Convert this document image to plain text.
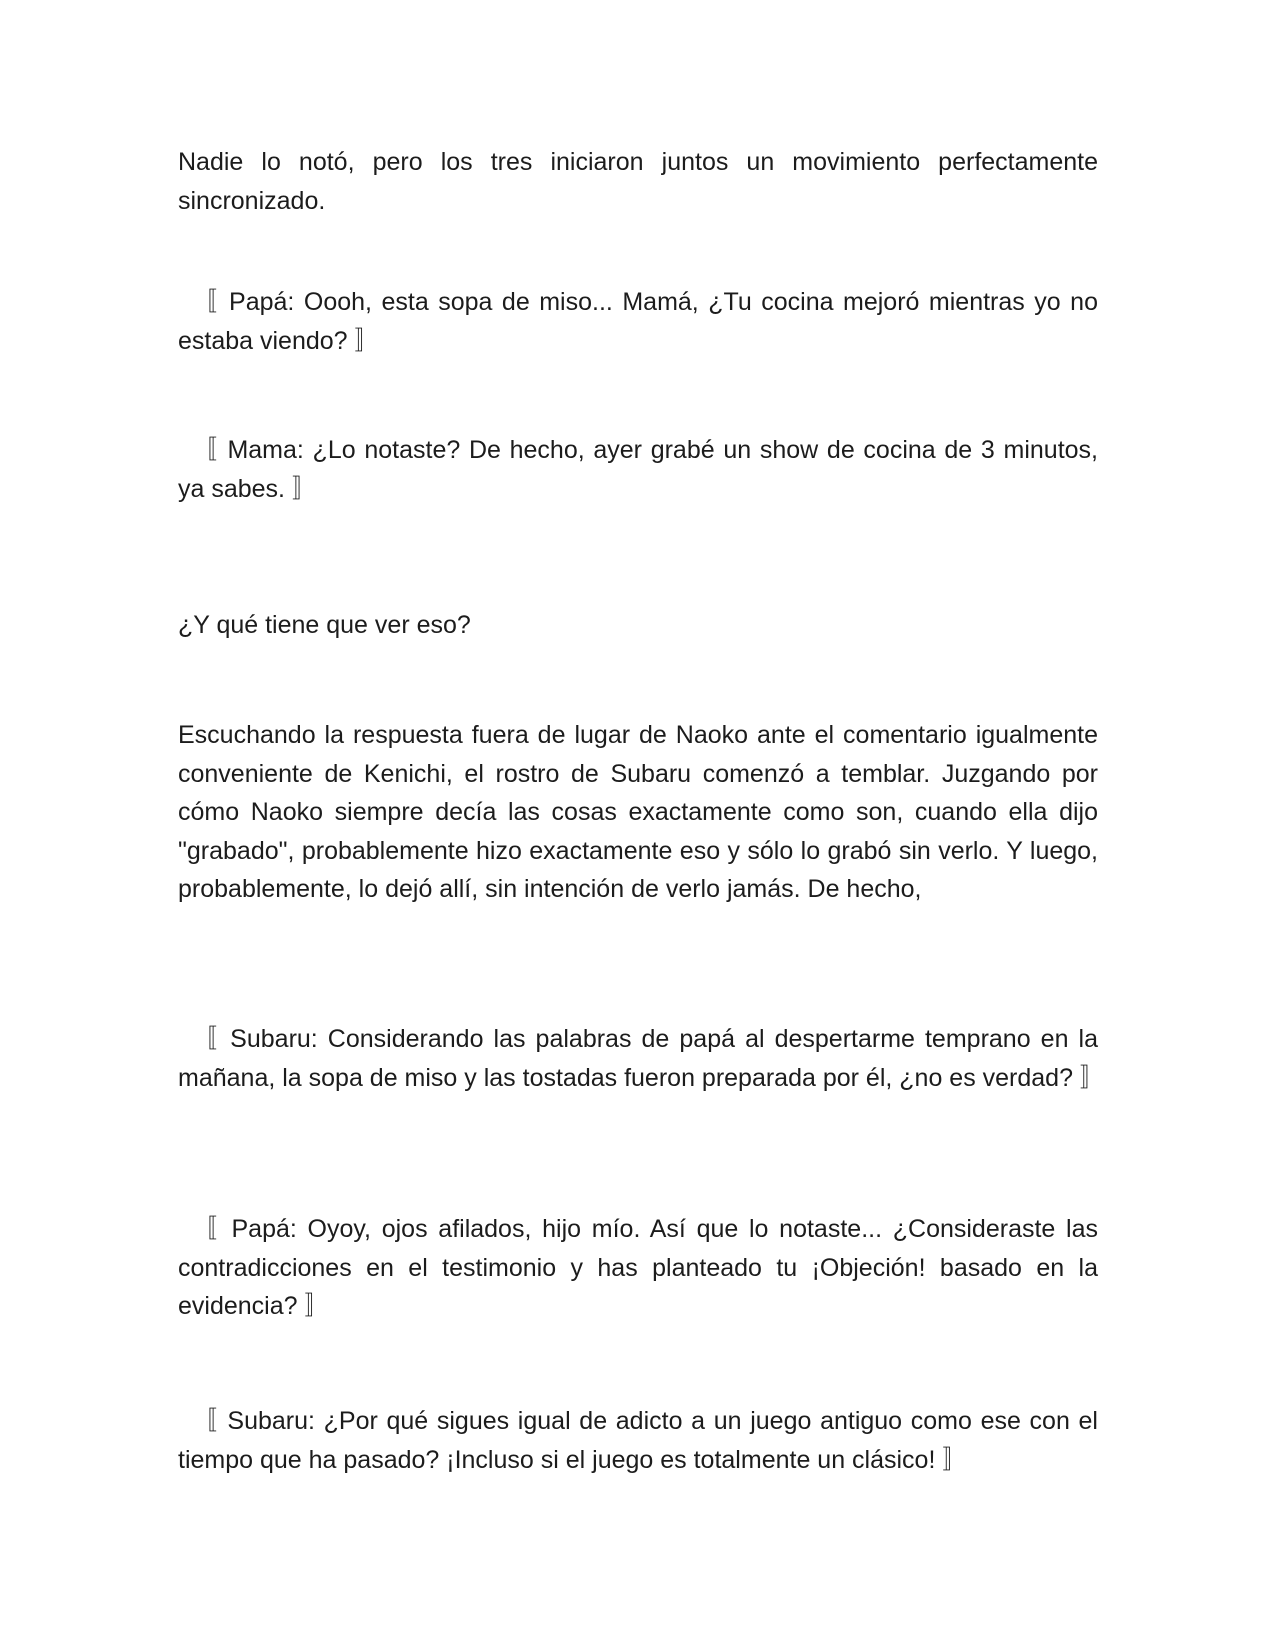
Nadie lo notó, pero los tres iniciaron juntos un movimiento perfectamente sincronizado.

〚 Papá: Oooh, esta sopa de miso... Mamá, ¿Tu cocina mejoró mientras yo no estaba viendo? 〛

〚 Mama: ¿Lo notaste? De hecho, ayer grabé un show de cocina de 3 minutos, ya sabes. 〛

¿Y qué tiene que ver eso?

Escuchando la respuesta fuera de lugar de Naoko ante el comentario igualmente conveniente de Kenichi, el rostro de Subaru comenzó a temblar. Juzgando por cómo Naoko siempre decía las cosas exactamente como son, cuando ella dijo "grabado", probablemente hizo exactamente eso y sólo lo grabó sin verlo. Y luego, probablemente, lo dejó allí, sin intención de verlo jamás. De hecho,

〚 Subaru: Considerando las palabras de papá al despertarme temprano en la mañana, la sopa de miso y las tostadas fueron preparada por él, ¿no es verdad? 〛

〚 Papá: Oyoy, ojos afilados, hijo mío. Así que lo notaste... ¿Consideraste las contradicciones en el testimonio y has planteado tu ¡Objeción! basado en la evidencia? 〛

〚 Subaru: ¿Por qué sigues igual de adicto a un juego antiguo como ese con el tiempo que ha pasado? ¡Incluso si el juego es totalmente un clásico! 〛
